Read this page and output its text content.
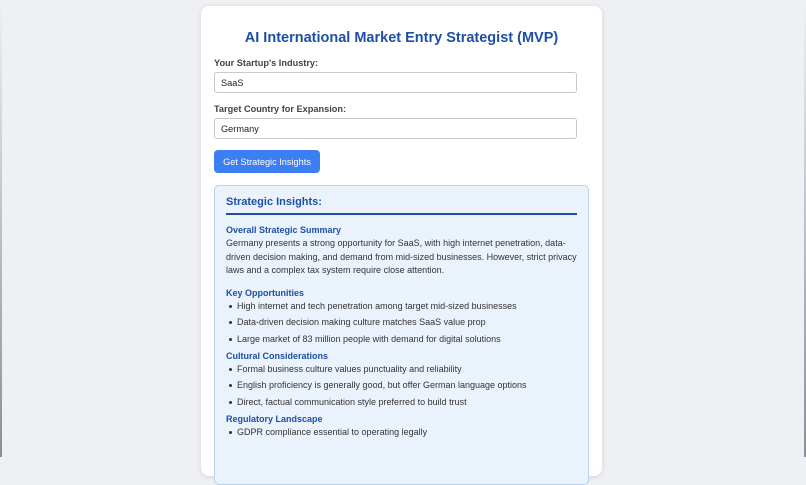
AI International Market Entry Strategist (MVP)
Your Startup's Industry:
SaaS
Target Country for Expansion:
Germany
Get Strategic Insights
Strategic Insights:
Overall Strategic Summary

Germany presents a strong opportunity for SaaS, with high internet penetration, data-driven decision making, and demand from mid-sized businesses. However, strict privacy laws and a complex tax system require close attention.

Key Opportunities
High internet and tech penetration among target mid-sized businesses
Data-driven decision making culture matches SaaS value prop
Large market of 83 million people with demand for digital solutions
Cultural Considerations
Formal business culture values punctuality and reliability
English proficiency is generally good, but offer German language options
Direct, factual communication style preferred to build trust
Regulatory Landscape
GDPR compliance essential to operating legally
